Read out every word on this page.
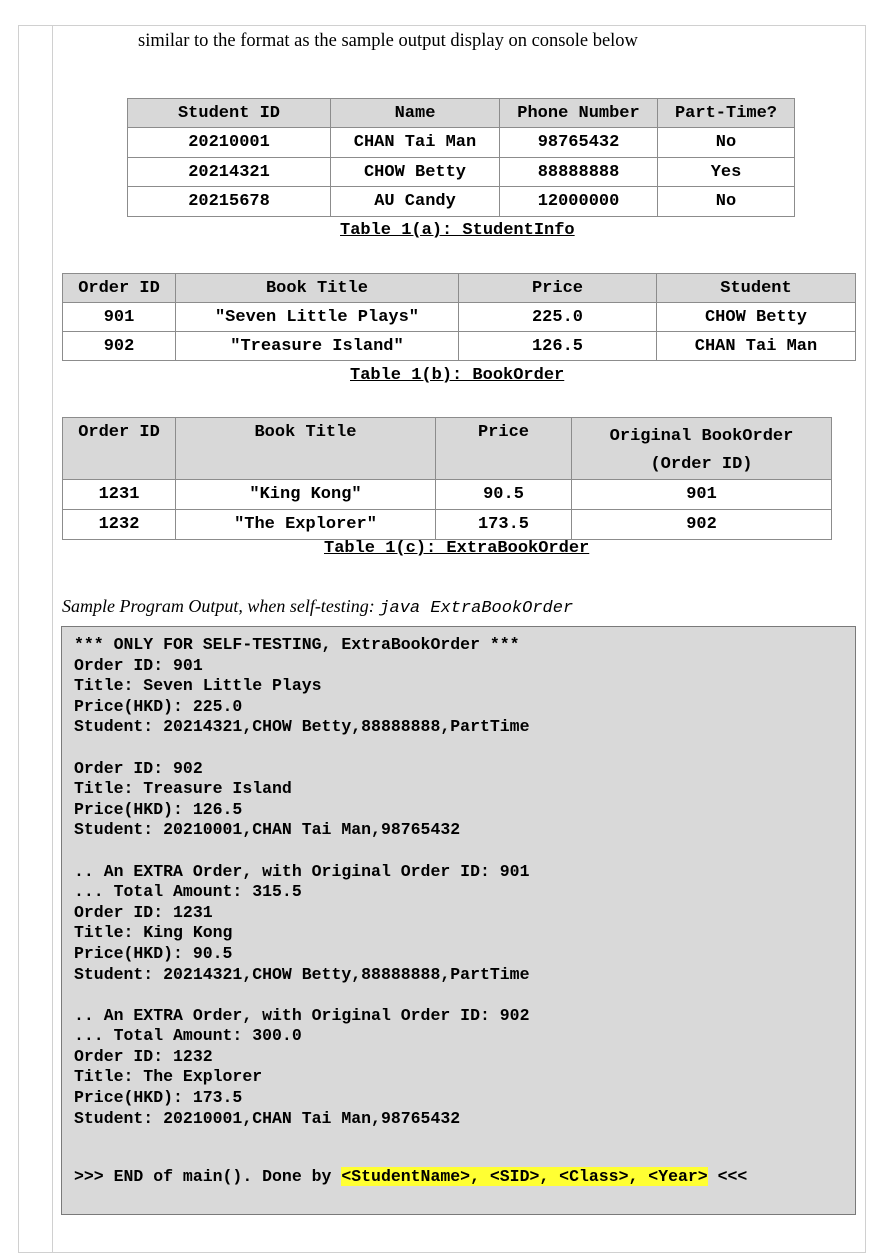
similar to the format as the sample output display on console below
Student ID	Name	Phone Number	Part-Time?
20210001	CHAN Tai Man	98765432	No
20214321	CHOW Betty	88888888	Yes
20215678	AU Candy	12000000	No
Table 1(a): StudentInfo
Order ID	Book Title	Price	Student
901	"Seven Little Plays"	225.0	CHOW Betty
902	"Treasure Island"	126.5	CHAN Tai Man
Table 1(b): BookOrder
Order ID	Book Title	Price	Original BookOrder
(Order ID)

1231	"King Kong"	90.5	901
1232	"The Explorer"	173.5	902
Table 1(c): ExtraBookOrder
Sample Program Output, when self-testing: java ExtraBookOrder
*** ONLY FOR SELF-TESTING, ExtraBookOrder ***
Order ID: 901
Title: Seven Little Plays
Price(HKD): 225.0
Student: 20214321,CHOW Betty,88888888,PartTime

Order ID: 902
Title: Treasure Island
Price(HKD): 126.5
Student: 20210001,CHAN Tai Man,98765432

.. An EXTRA Order, with Original Order ID: 901
... Total Amount: 315.5
Order ID: 1231
Title: King Kong
Price(HKD): 90.5
Student: 20214321,CHOW Betty,88888888,PartTime

.. An EXTRA Order, with Original Order ID: 902
... Total Amount: 300.0
Order ID: 1232
Title: The Explorer
Price(HKD): 173.5
Student: 20210001,CHAN Tai Man,98765432
>>> END of main(). Done by <StudentName>, <SID>, <Class>, <Year> <<<
